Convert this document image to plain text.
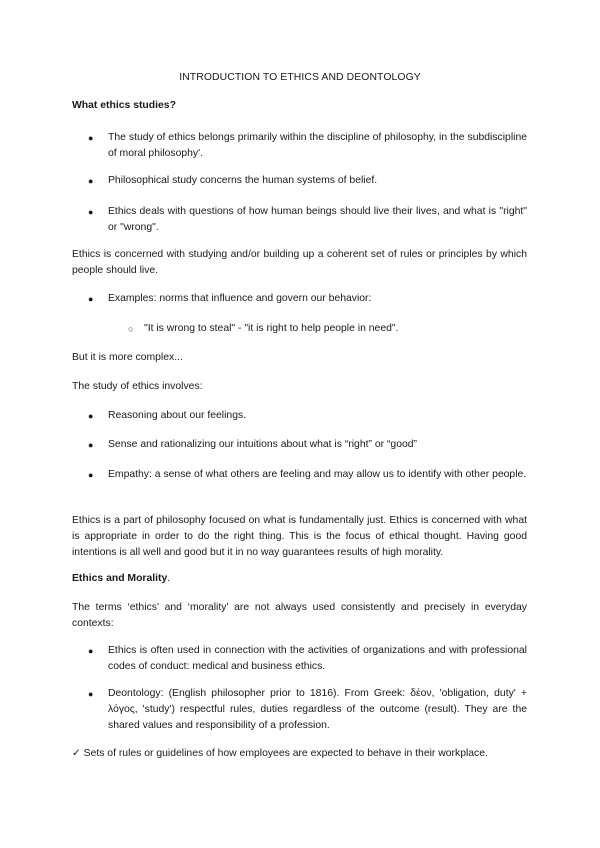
INTRODUCTION TO ETHICS AND DEONTOLOGY
What ethics studies?
● The study of ethics belongs primarily within the discipline of philosophy, in the subdiscipline of moral philosophy'.
● Philosophical study concerns the human systems of belief.
● Ethics deals with questions of how human beings should live their lives, and what is "right" or "wrong".
Ethics is concerned with studying and/or building up a coherent set of rules or principles by which people should live.
● Examples: norms that influence and govern our behavior:
○ "It is wrong to steal" - "it is right to help people in need".
But it is more complex...
The study of ethics involves:
● Reasoning about our feelings.
● Sense and rationalizing our intuitions about what is “right” or “good”
● Empathy: a sense of what others are feeling and may allow us to identify with other people.
Ethics is a part of philosophy focused on what is fundamentally just. Ethics is concerned with what is appropriate in order to do the right thing. This is the focus of ethical thought. Having good intentions is all well and good but it in no way guarantees results of high morality.
Ethics and Morality.
The terms ‘ethics’ and ‘morality’ are not always used consistently and precisely in everyday contexts:
● Ethics is often used in connection with the activities of organizations and with professional codes of conduct: medical and business ethics.
● Deontology: (English philosopher prior to 1816). From Greek: δέον, 'obligation, duty' + λόγος, 'study') respectful rules, duties regardless of the outcome (result). They are the shared values and responsibility of a profession.
✓ Sets of rules or guidelines of how employees are expected to behave in their workplace.
